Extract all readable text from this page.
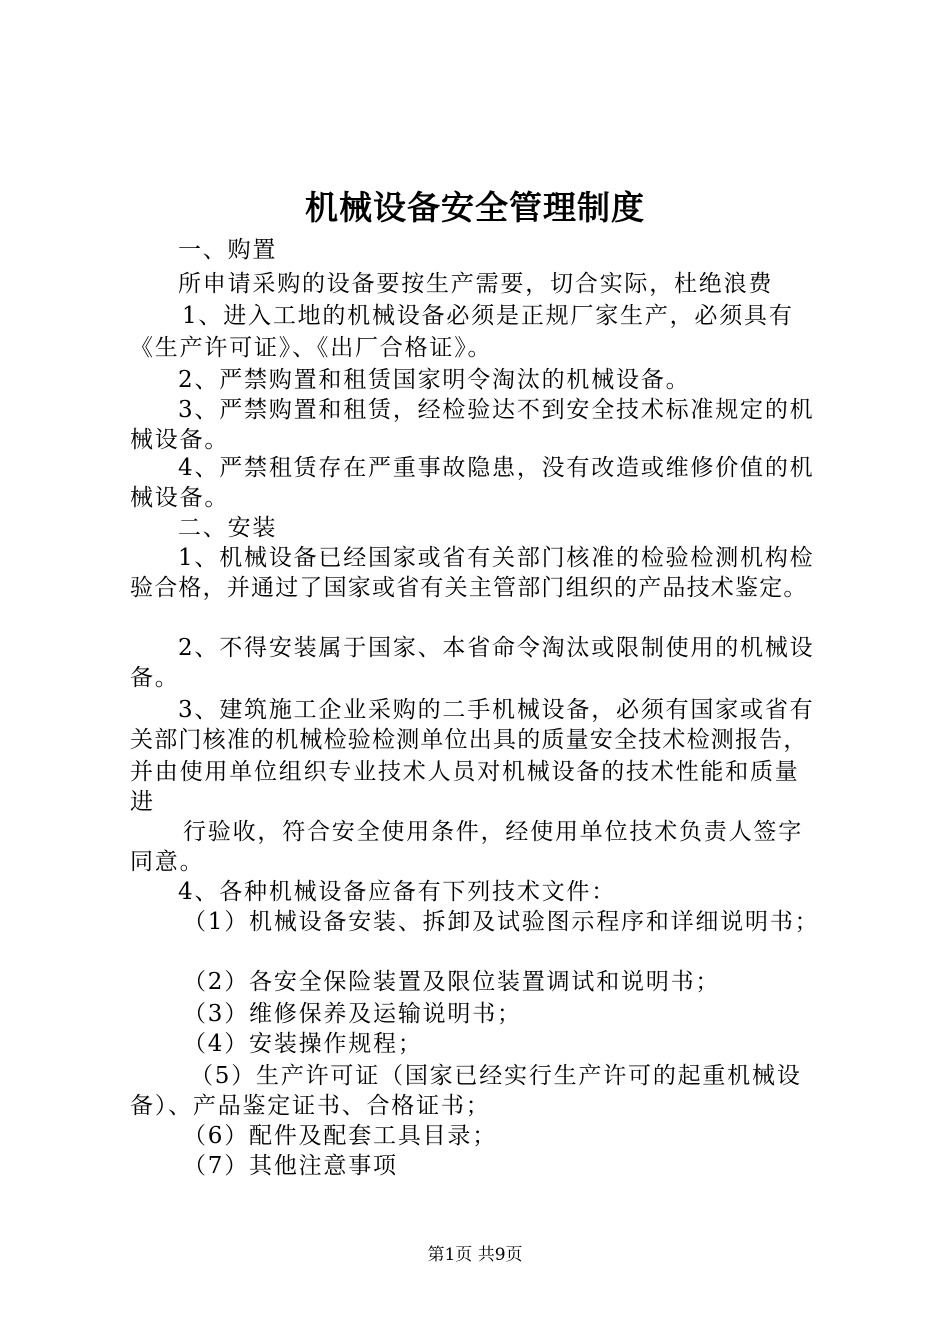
机械设备安全管理制度
一、购置
所申请采购的设备要按生产需要，切合实际，杜绝浪费
1、进入工地的机械设备必须是正规厂家生产，必须具有
《生产许可证》、《出厂合格证》。
2、严禁购置和租赁国家明令淘汰的机械设备。
3、严禁购置和租赁，经检验达不到安全技术标准规定的机
械设备。
4、严禁租赁存在严重事故隐患，没有改造或维修价值的机
械设备。
二、安装
1、机械设备已经国家或省有关部门核准的检验检测机构检
验合格，并通过了国家或省有关主管部门组织的产品技术鉴定。
2、不得安装属于国家、本省命令淘汰或限制使用的机械设
备。
3、建筑施工企业采购的二手机械设备，必须有国家或省有
关部门核准的机械检验检测单位出具的质量安全技术检测报告，
并由使用单位组织专业技术人员对机械设备的技术性能和质量
进
行验收，符合安全使用条件，经使用单位技术负责人签字
同意。
4、各种机械设备应备有下列技术文件：
（1）机械设备安装、拆卸及试验图示程序和详细说明书；
（2）各安全保险装置及限位装置调试和说明书；
（3）维修保养及运输说明书；
（4）安装操作规程；
（5）生产许可证（国家已经实行生产许可的起重机械设
备）、产品鉴定证书、合格证书；
（6）配件及配套工具目录；
（7）其他注意事项
第1页 共9页
